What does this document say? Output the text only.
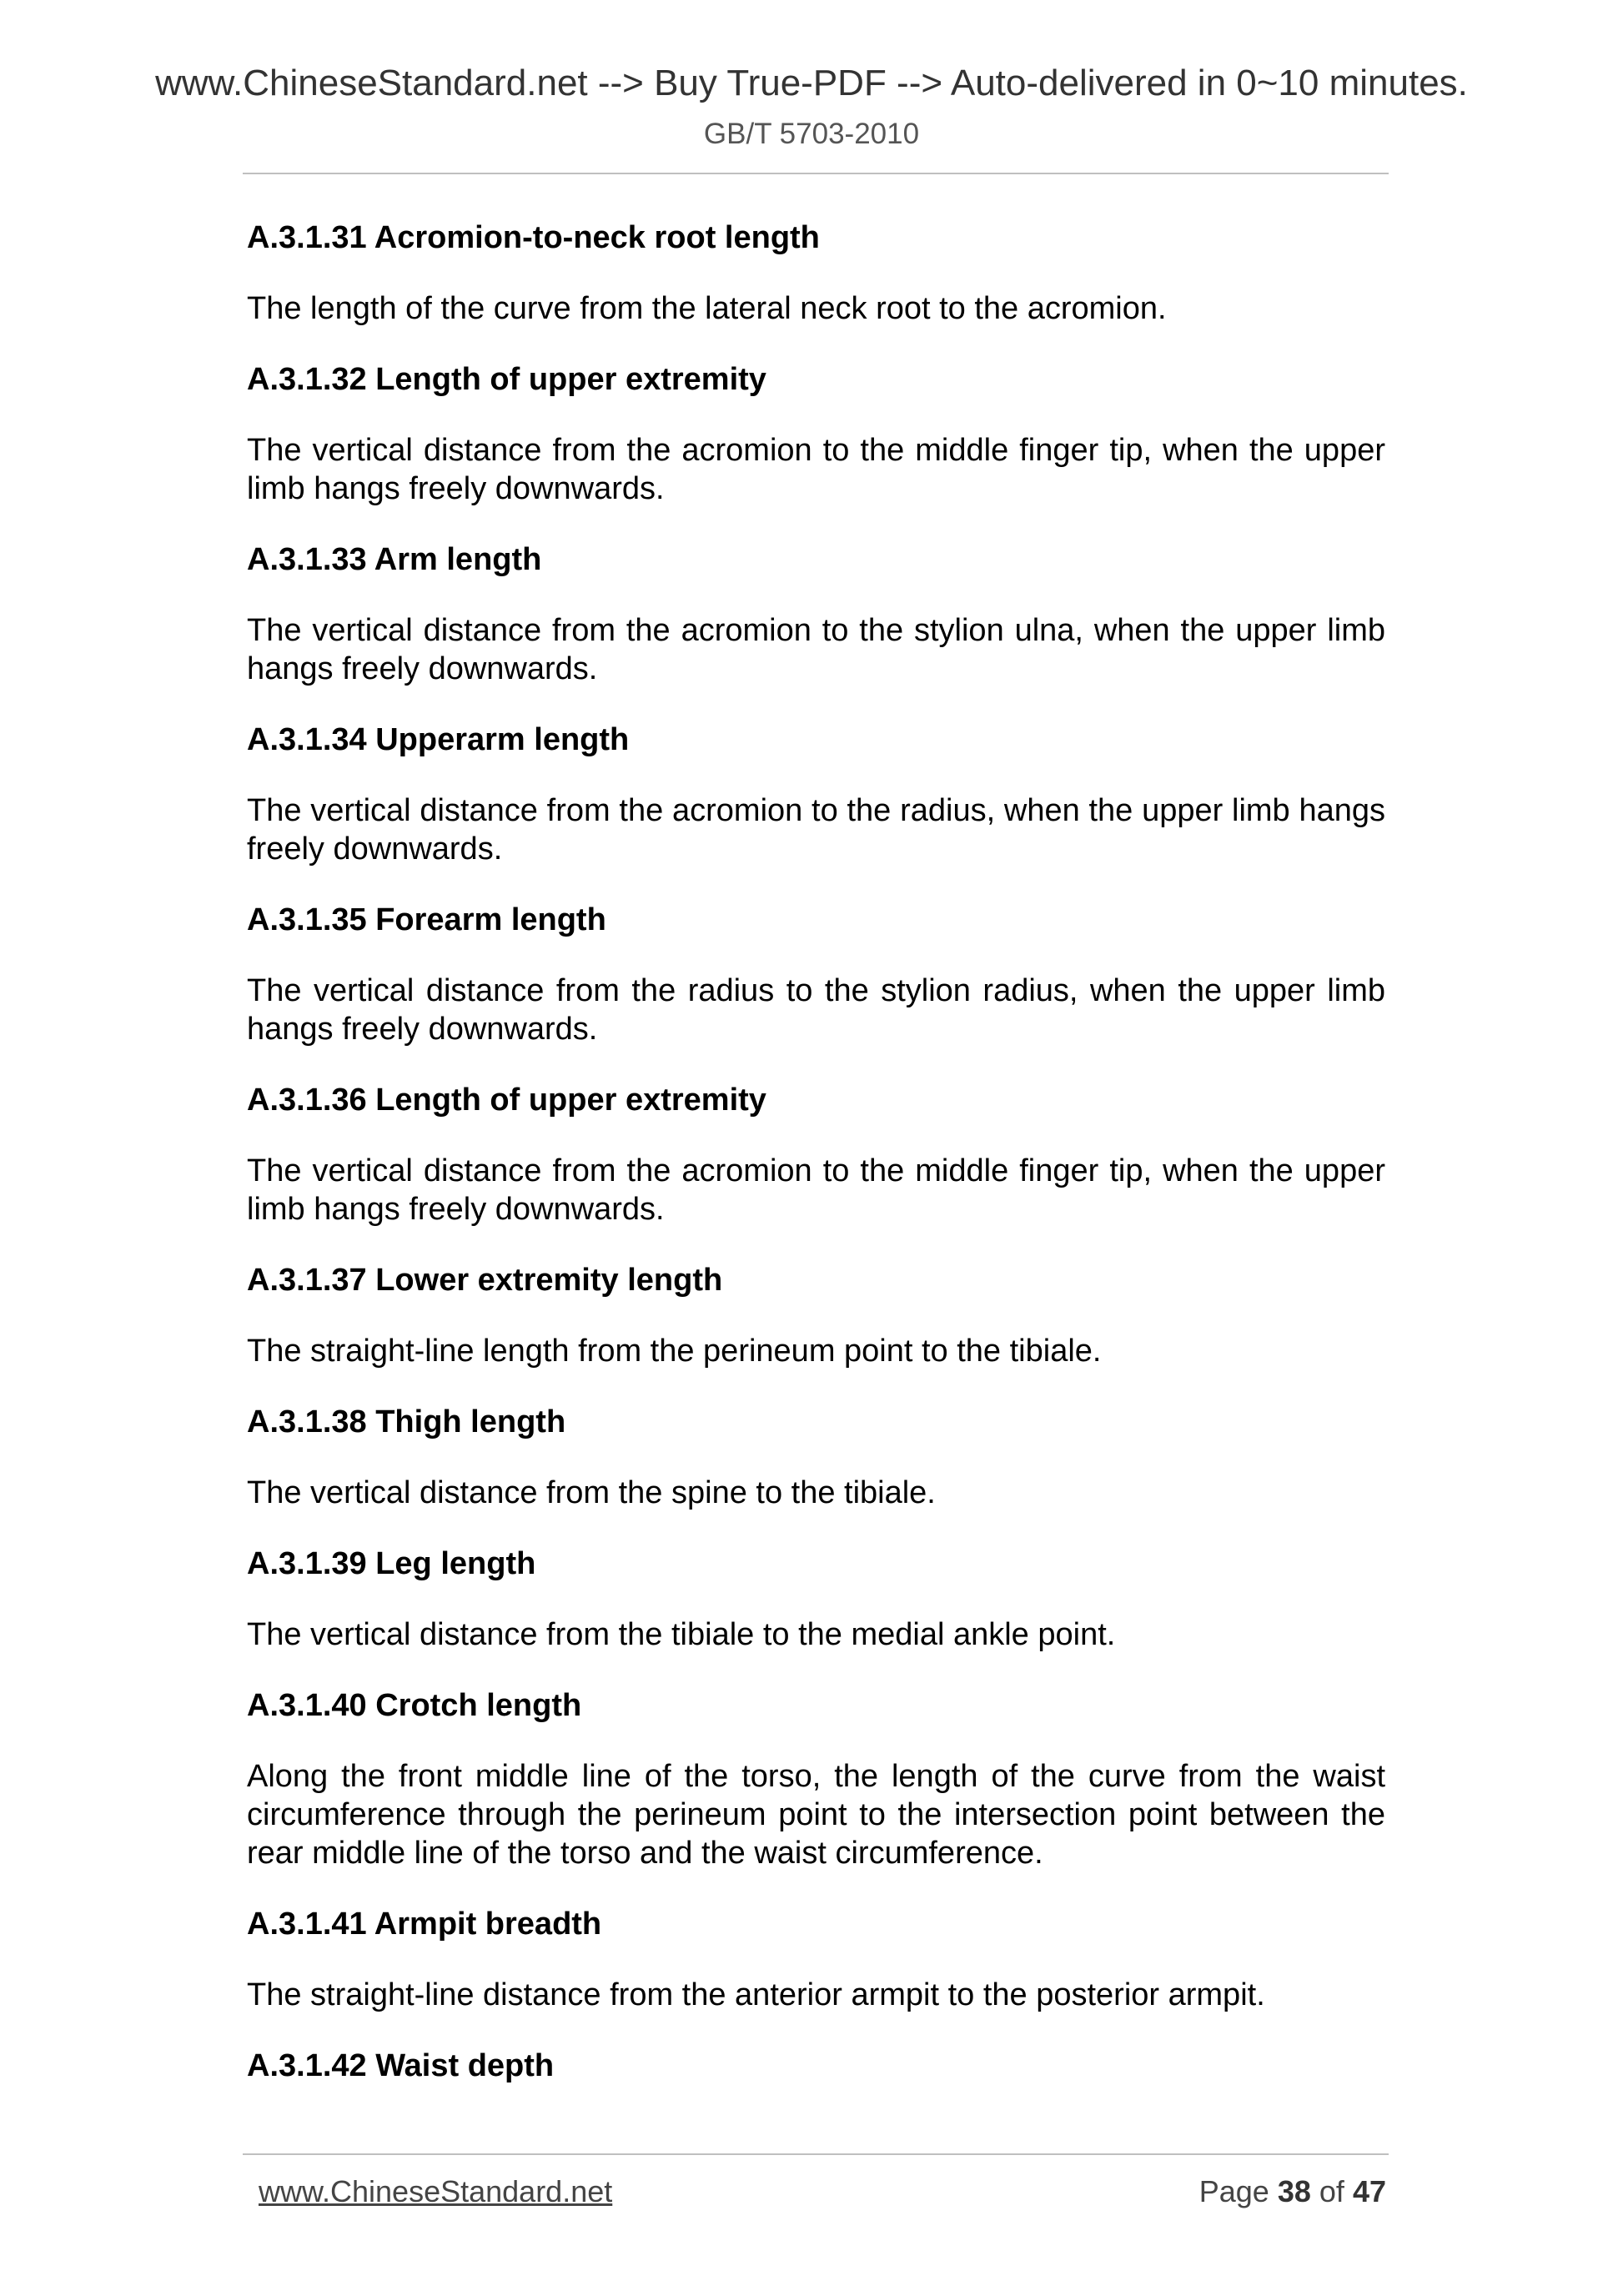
www.ChineseStandard.net --> Buy True-PDF --> Auto-delivered in 0~10 minutes.
GB/T 5703-2010
A.3.1.31 Acromion-to-neck root length
The length of the curve from the lateral neck root to the acromion.
A.3.1.32 Length of upper extremity
The vertical distance from the acromion to the middle finger tip, when the upper limb hangs freely downwards.
A.3.1.33 Arm length
The vertical distance from the acromion to the stylion ulna, when the upper limb hangs freely downwards.
A.3.1.34 Upperarm length
The vertical distance from the acromion to the radius, when the upper limb hangs freely downwards.
A.3.1.35 Forearm length
The vertical distance from the radius to the stylion radius, when the upper limb hangs freely downwards.
A.3.1.36 Length of upper extremity
The vertical distance from the acromion to the middle finger tip, when the upper limb hangs freely downwards.
A.3.1.37 Lower extremity length
The straight-line length from the perineum point to the tibiale.
A.3.1.38 Thigh length
The vertical distance from the spine to the tibiale.
A.3.1.39 Leg length
The vertical distance from the tibiale to the medial ankle point.
A.3.1.40 Crotch length
Along the front middle line of the torso, the length of the curve from the waist circumference through the perineum point to the intersection point between the rear middle line of the torso and the waist circumference.
A.3.1.41 Armpit breadth
The straight-line distance from the anterior armpit to the posterior armpit.
A.3.1.42 Waist depth
www.ChineseStandard.net	Page 38 of 47
